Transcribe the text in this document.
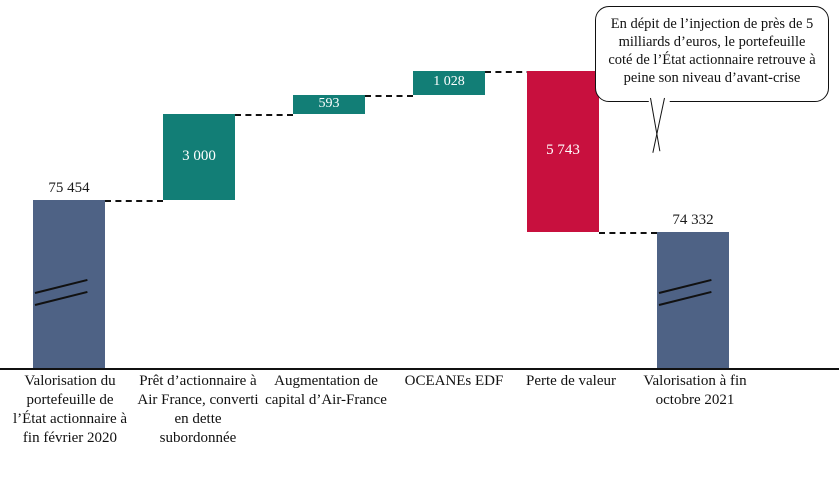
75 454
3 000
593
1 028
5 743
74 332
Valorisation du portefeuille de l’État actionnaire à fin février 2020
Prêt d’actionnaire à Air France, converti en dette subordonnée
Augmentation de capital d’Air-France
OCEANEs EDF	Perte de valeur	Valorisation à fin octobre 2021
En dépit de l’injection de près de 5 milliards d’euros, le portefeuille coté de l’État actionnaire retrouve à peine son niveau d’avant-crise
